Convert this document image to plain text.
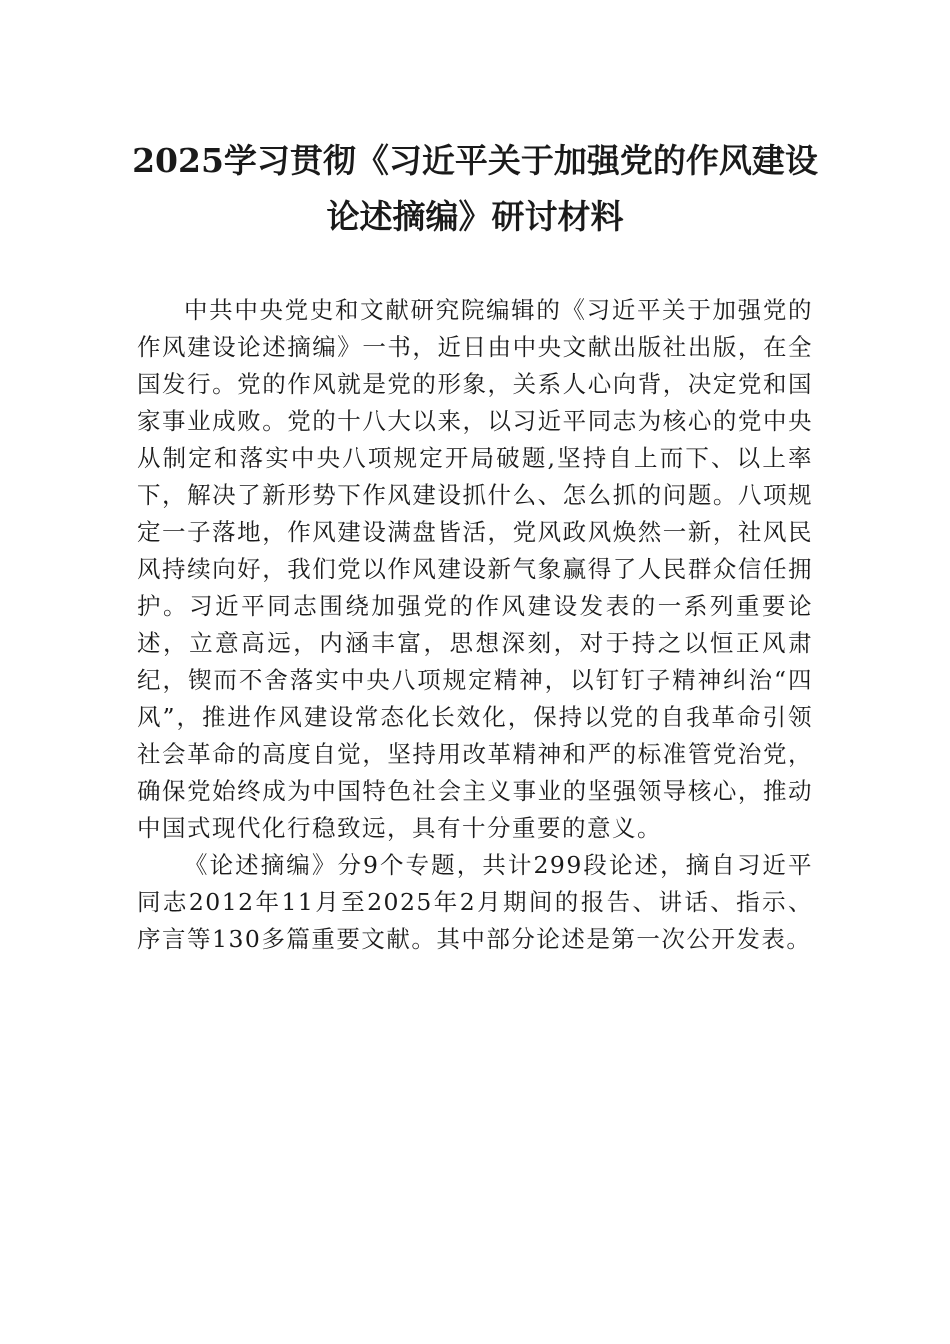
2025学习贯彻《习近平关于加强党的作风建设论述摘编》研讨材料

中共中央党史和文献研究院编辑的《习近平关于加强党的作风建设论述摘编》一书，近日由中央文献出版社出版，在全国发行。党的作风就是党的形象，关系人心向背，决定党和国家事业成败。党的十八大以来，以习近平同志为核心的党中央从制定和落实中央八项规定开局破题,坚持自上而下、以上率下，解决了新形势下作风建设抓什么、怎么抓的问题。八项规定一子落地，作风建设满盘皆活，党风政风焕然一新，社风民风持续向好，我们党以作风建设新气象赢得了人民群众信任拥护。习近平同志围绕加强党的作风建设发表的一系列重要论述，立意高远，内涵丰富，思想深刻，对于持之以恒正风肃纪，锲而不舍落实中央八项规定精神，以钉钉子精神纠治“四风”，推进作风建设常态化长效化，保持以党的自我革命引领社会革命的高度自觉，坚持用改革精神和严的标准管党治党，确保党始终成为中国特色社会主义事业的坚强领导核心，推动中国式现代化行稳致远，具有十分重要的意义。

《论述摘编》分9个专题，共计299段论述，摘自习近平同志2012年11月至2025年2月期间的报告、讲话、指示、序言等130多篇重要文献。其中部分论述是第一次公开发表。
